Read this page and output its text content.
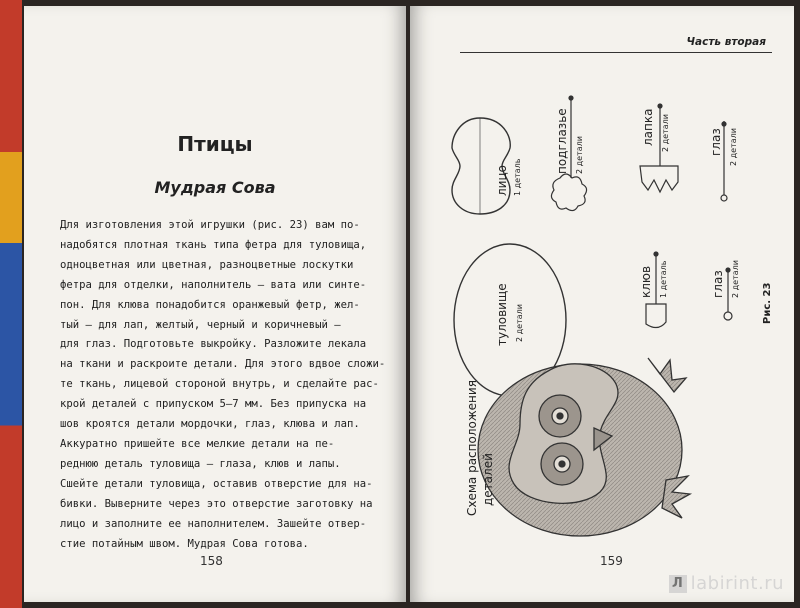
Птицы
Мудрая Сова
Для изготовления этой игрушки (рис. 23) вам по-
надобятся плотная ткань типа фетра для туловища,
одноцветная или цветная, разноцветные лоскутки
фетра для отделки, наполнитель — вата или синте-
пон. Для клюва понадобится оранжевый фетр, жел-
тый — для лап, желтый, черный и коричневый —
для глаз. Подготовьте выкройку. Разложите лекала
на ткани и раскроите детали. Для этого вдвое сложи-
те ткань, лицевой стороной внутрь, и сделайте рас-
крой деталей с припуском 5–7 мм. Без припуска на
шов кроятся детали мордочки, глаз, клюва и лап.
Аккуратно пришейте все мелкие детали на пе-
реднюю деталь туловища — глаза, клюв и лапы.
Сшейте детали туловища, оставив отверстие для на-
бивки. Выверните через это отверстие заготовку на
лицо и заполните ее наполнителем. Зашейте отвер-
стие потайным швом. Мудрая Сова готова.
158
Часть вторая
лицо 1 деталь
подглазье 2 детали
лапка 2 детали	глаз 2 детали
туловище 2 детали
клюв 1 деталь	глаз 2 детали
Рис. 23
Схема расположения деталей
159
Л labirint.ru
